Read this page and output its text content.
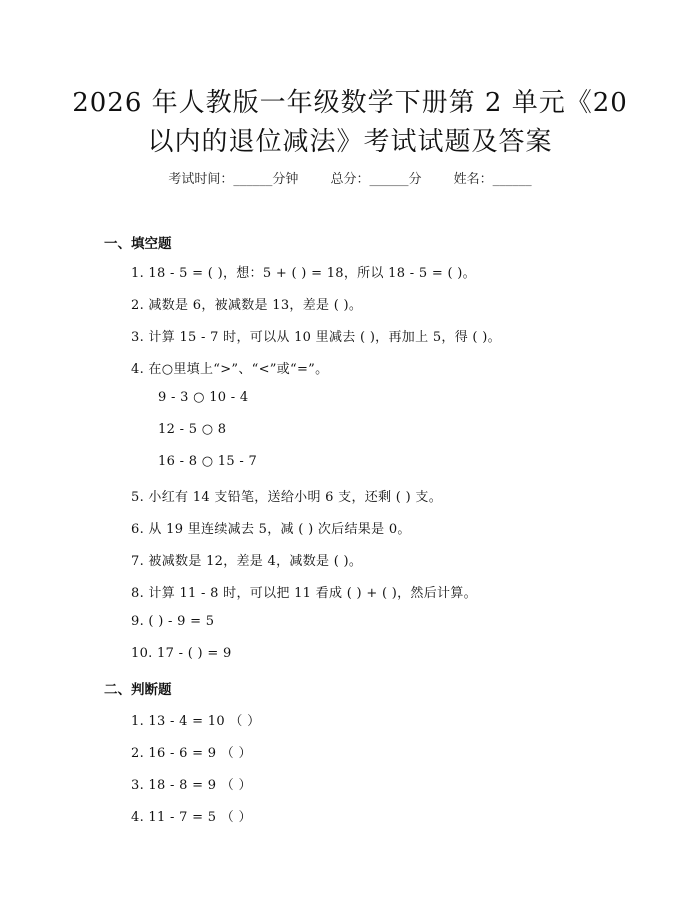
2026 年人教版一年级数学下册第 2 单元《20
以内的退位减法》考试试题及答案
考试时间：______分钟 总分：______分 姓名：______
一、填空题
1. 18 - 5 = ( )，想：5 + ( ) = 18，所以 18 - 5 = ( )。
2. 减数是 6，被减数是 13，差是 ( )。
3. 计算 15 - 7 时，可以从 10 里减去 ( )，再加上 5，得 ( )。
4. 在○里填上“>”、“<”或“=”。
9 - 3 ○ 10 - 4
12 - 5 ○ 8
16 - 8 ○ 15 - 7
5. 小红有 14 支铅笔，送给小明 6 支，还剩 ( ) 支。
6. 从 19 里连续减去 5，减 ( ) 次后结果是 0。
7. 被减数是 12，差是 4，减数是 ( )。
8. 计算 11 - 8 时，可以把 11 看成 ( ) + ( )，然后计算。
9. ( ) - 9 = 5
10. 17 - ( ) = 9
二、判断题
1. 13 - 4 = 10 （ ）
2. 16 - 6 = 9 （ ）
3. 18 - 8 = 9 （ ）
4. 11 - 7 = 5 （ ）
